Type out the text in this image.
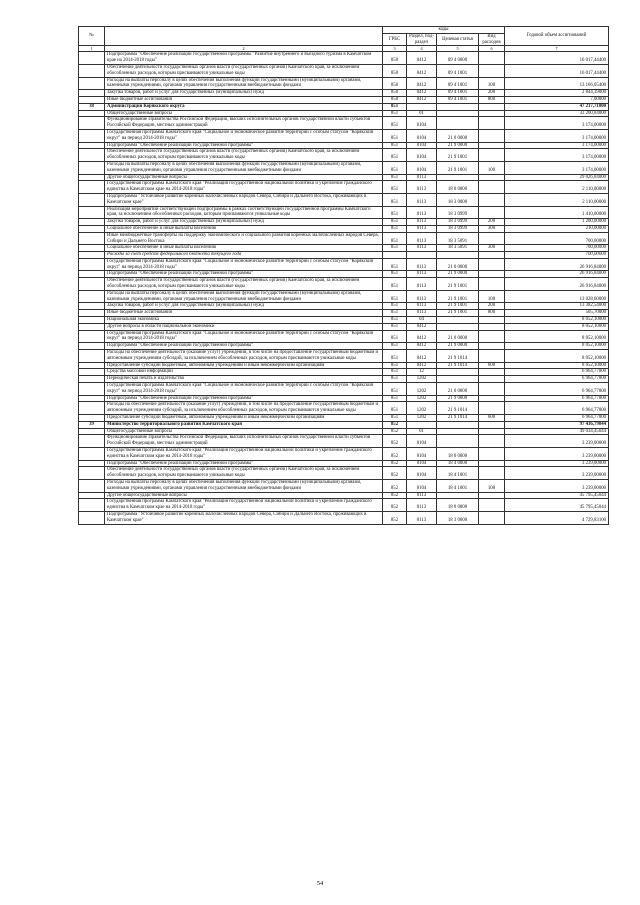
№		коды				Годовой объем ассигнований
		ГРБС	Раздел, под-раздел	Целевая статья	Вид расходов	
1	2	3	4	5	6	7
	Подпрограмма "Обеспечение реализации государственной программы "Развитие внутреннего и въездного туризма в Камчатском крае на 2014-2018 годы"	850	0412	09 4 0000		16 017,44400
	Обеспечение деятельности государственных органов власти (государственных органов) Камчатского края, за исключением обособленных расходов, которым присваиваются уникальные коды	850	0412	09 4 1001		16 017,44400
	Расходы на выплаты персоналу в целях обеспечения выполнения функций государственными (муниципальными) органами, казенными учреждениями, органами управления государственными внебюджетными фондами	850	0412	09 4 1001	100	13 166,05400
	Закупка товаров, работ и услуг для государственных (муниципальных) нужд	850	0412	09 4 1001	200	2 844,39000
	Иные бюджетные ассигнования	850	0412	09 4 1001	800	7,00000
38	Администрация Корякского округа	851				47 217,71800
	Общегосударственные вопросы	851	01			32 200,84000
	Функционирование Правительства Российской Федерации, высших исполнительных органов государственной власти субъектов Российской Федерации, местных администраций	851	0104			3 174,00000
	Государственная программа Камчатского края "Социальное и экономическое развитие территории с особым статусом "Корякский округ" на период 2014-2018 годы"	851	0104	21 0 0000		3 174,00000
	Подпрограмма "Обеспечение реализации государственной программы"	851	0104	21 9 0000		3 174,00000
	Обеспечение деятельности государственных органов власти (государственных органов) Камчатского края, за исключением обособленных расходов, которым присваиваются уникальные коды	851	0104	21 9 1001		3 174,00000
	Расходы на выплаты персоналу в целях обеспечения выполнения функций государственными (муниципальными) органами, казенными учреждениями, органами управления государственными внебюджетными фондами	851	0104	21 9 1001	100	3 174,00000
	Другие общегосударственные вопросы	851	0113			29 026,84000
	Государственная программа Камчатского края "Реализация государственной национальной политики и укрепление гражданского единства в Камчатском крае на 2014-2018 годы"	851	0113	18 0 0000		2 110,00000
	Подпрограмма "Устойчивое развитие коренных малочисленных народов Севера, Сибири и Дальнего Востока, проживающих в Камчатском крае"	851	0113	18 3 0000		2 110,00000
	Реализация мероприятий соответствующей подпрограммы в рамках соответствующей государственной программы Камчатского края, за исключением обособленных расходов, которым присваиваются уникальные коды	851	0113	18 3 0999		1 410,00000
	Закупка товаров, работ и услуг для государственных (муниципальных) нужд	851	0113	18 3 0999	200	1 200,00000
	Социальное обеспечение и иные выплаты населению	851	0113	18 3 0999	300	210,00000
	Иные межбюджетные трансферты на поддержку экономического и социального развития коренных малочисленных народов Севера, Сибири и Дальнего Востока	851	0113	18 3 5091		700,00000
	Социальное обеспечение и иные выплаты населению	851	0113	18 3 5091	300	700,00000
	Расходы за счет средств федерального бюджета текущего года					700,00000
	Государственная программа Камчатского края "Социальное и экономическое развитие территории с особым статусом "Корякский округ" на период 2014-2018 годы"	851	0113	21 0 0000		26 916,84000
	Подпрограмма "Обеспечение реализации государственной программы"	851	0113	21 9 0000		26 916,84000
	Обеспечение деятельности государственных органов власти (государственных органов) Камчатского края, за исключением обособленных расходов, которым присваиваются уникальные коды	851	0113	21 9 1001		26 916,84000
	Расходы на выплаты персоналу в целях обеспечения выполнения функций государственными (муниципальными) органами, казенными учреждениями, органами управления государственными внебюджетными фондами	851	0113	21 9 1001	100	13 028,60000
	Закупка товаров, работ и услуг для государственных (муниципальных) нужд	851	0113	21 9 1001	200	13 382,54000
	Иные бюджетные ассигнования	851	0113	21 9 1001	800	505,70000
	Национальная экономика	851	04			8 052,10000
	Другие вопросы в области национальной экономики	851	0412			8 052,10000
	Государственная программа Камчатского края "Социальное и экономическое развитие территории с особым статусом "Корякский округ" на период 2014-2018 годы"	851	0412	21 0 0000		8 052,10000
	Подпрограмма "Обеспечение реализации государственной программы"	851	0412	21 9 0000		8 052,10000
	Расходы на обеспечение деятельности (оказание услуг) учреждений, в том числе на предоставление государственным бюджетным и автономным учреждениям субсидий, за исключением обособленных расходов, которым присваиваются уникальные коды	851	0412	21 9 1014		8 052,10000
	Предоставление субсидий бюджетным, автономным учреждениям и иным некоммерческим организациям	851	0412	21 9 1014	600	8 052,10000
	Средства массовой информации	851	12			6 964,77800
	Периодическая печать и издательства	851	1202			6 964,77800
	Государственная программа Камчатского края "Социальное и экономическое развитие территории с особым статусом "Корякский округ" на период 2014-2018 годы"	851	1202	21 0 0000		6 964,77800
	Подпрограмма "Обеспечение реализации государственной программы"	851	1202	21 9 0000		6 964,77800
	Расходы на обеспечение деятельности (оказание услуг) учреждений, в том числе на предоставление государственным бюджетным и автономным учреждениям субсидий, за исключением обособленных расходов, которым присваиваются уникальные коды	851	1202	21 9 1014		6 964,77800
	Предоставление субсидий бюджетным, автономным учреждениям и иным некоммерческим организациям	851	1202	21 9 1014	600	6 964,77800
39	Министерство территориального развития Камчатского края	852				97 436,79044
	Общегосударственные вопросы	852	01			49 034,45044
	Функционирование Правительства Российской Федерации, высших исполнительных органов государственной власти субъектов Российской Федерации, местных администраций	852	0104			3 239,00000
	Государственная программа Камчатского края "Реализация государственной национальной политики и укрепление гражданского единства в Камчатском крае на 2014-2018 годы"	852	0104	18 0 0000		3 239,00000
	Подпрограмма "Обеспечение реализации государственной программы"	852	0104	18 4 0000		3 239,00000
	Обеспечение деятельности государственных органов власти (государственных органов) Камчатского края, за исключением обособленных расходов, которым присваиваются уникальные коды	852	0104	18 4 1001		3 239,00000
	Расходы на выплаты персоналу в целях обеспечения выполнения функций государственными (муниципальными) органами, казенными учреждениями, органами управления государственными внебюджетными фондами	852	0104	18 4 1001	100	3 239,00000
	Другие общегосударственные вопросы	852	0113			45 795,45044
	Государственная программа Камчатского края "Реализация государственной национальной политики и укрепление гражданского единства в Камчатском крае на 2014-2018 годы"	852	0113	18 0 0000		45 795,45044
	Подпрограмма "Устойчивое развитие коренных малочисленных народов Севера, Сибири и Дальнего Востока, проживающих в Камчатском крае"	852	0113	18 3 0000		4 729,83100
54
